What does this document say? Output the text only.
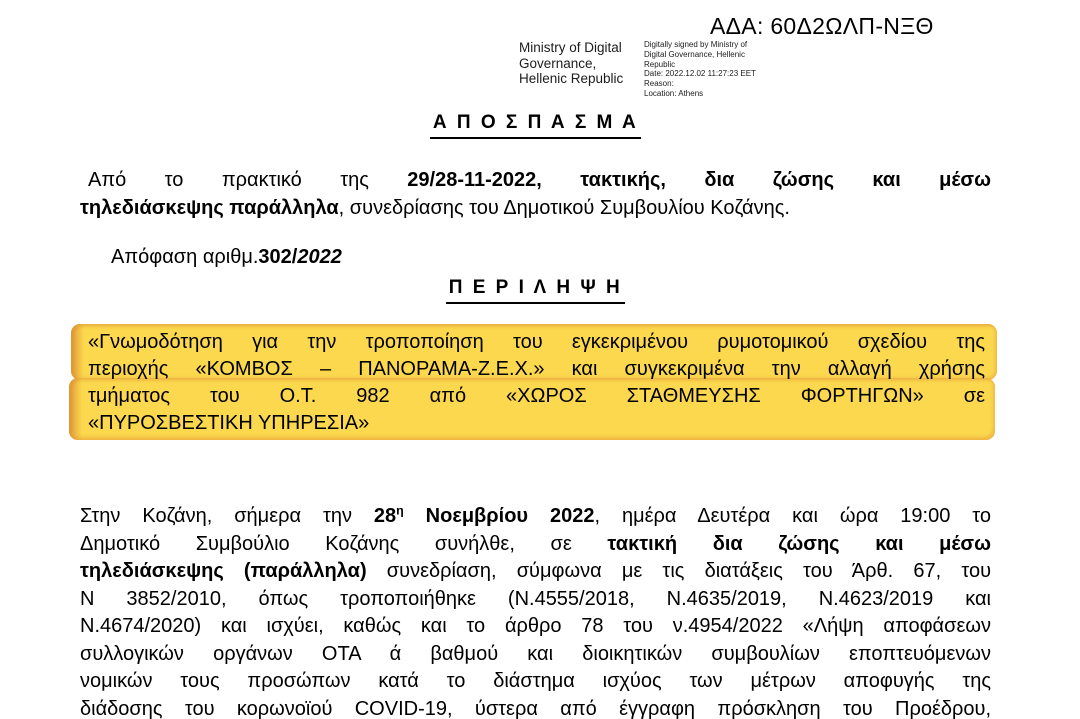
ΑΔΑ: 60Δ2ΩΛΠ-ΝΞΘ
Ministry of Digital Governance, Hellenic Republic
Digitally signed by Ministry of Digital Governance, Hellenic Republic
Date: 2022.12.02 11:27:23 EET
Reason:
Location: Athens
Α Π Ο Σ Π Α Σ Μ Α
Από το πρακτικό της 29/28-11-2022, τακτικής, δια ζώσης και μέσω
τηλεδιάσκεψης παράλληλα, συνεδρίασης του Δημοτικού Συμβουλίου Κοζάνης.
Απόφαση αριθμ.302/2022
Π Ε Ρ Ι Λ Η Ψ Η
«Γνωμοδότηση για την τροποποίηση του εγκεκριμένου ρυμοτομικού σχεδίου της
περιοχής «ΚΟΜΒΟΣ – ΠΑΝΟΡΑΜΑ-Ζ.Ε.Χ.» και συγκεκριμένα την αλλαγή χρήσης
τμήματος του Ο.Τ. 982 από «ΧΩΡΟΣ ΣΤΑΘΜΕΥΣΗΣ ΦΟΡΤΗΓΩΝ» σε
«ΠΥΡΟΣΒΕΣΤΙΚΗ ΥΠΗΡΕΣΙΑ»
Στην Κοζάνη, σήμερα την $28^\eta$ Νοεμβρίου 2022, ημέρα Δευτέρα και ώρα 19:00 το
Δημοτικό Συμβούλιο Κοζάνης συνήλθε, σε τακτική δια ζώσης και μέσω
τηλεδιάσκεψης (παράλληλα) συνεδρίαση, σύμφωνα με τις διατάξεις του Άρθ. 67, του
Ν 3852/2010, όπως τροποποιήθηκε (Ν.4555/2018, Ν.4635/2019, Ν.4623/2019 και
Ν.4674/2020) και ισχύει, καθώς και το άρθρο 78 του ν.4954/2022 «Λήψη αποφάσεων
συλλογικών οργάνων ΟΤΑ ά βαθμού και διοικητικών συμβουλίων εποπτευόμενων
νομικών τους προσώπων κατά το διάστημα ισχύος των μέτρων αποφυγής της
διάδοσης του κορωνοϊού COVID-19, ύστερα από έγγραφη πρόσκληση του Προέδρου,
